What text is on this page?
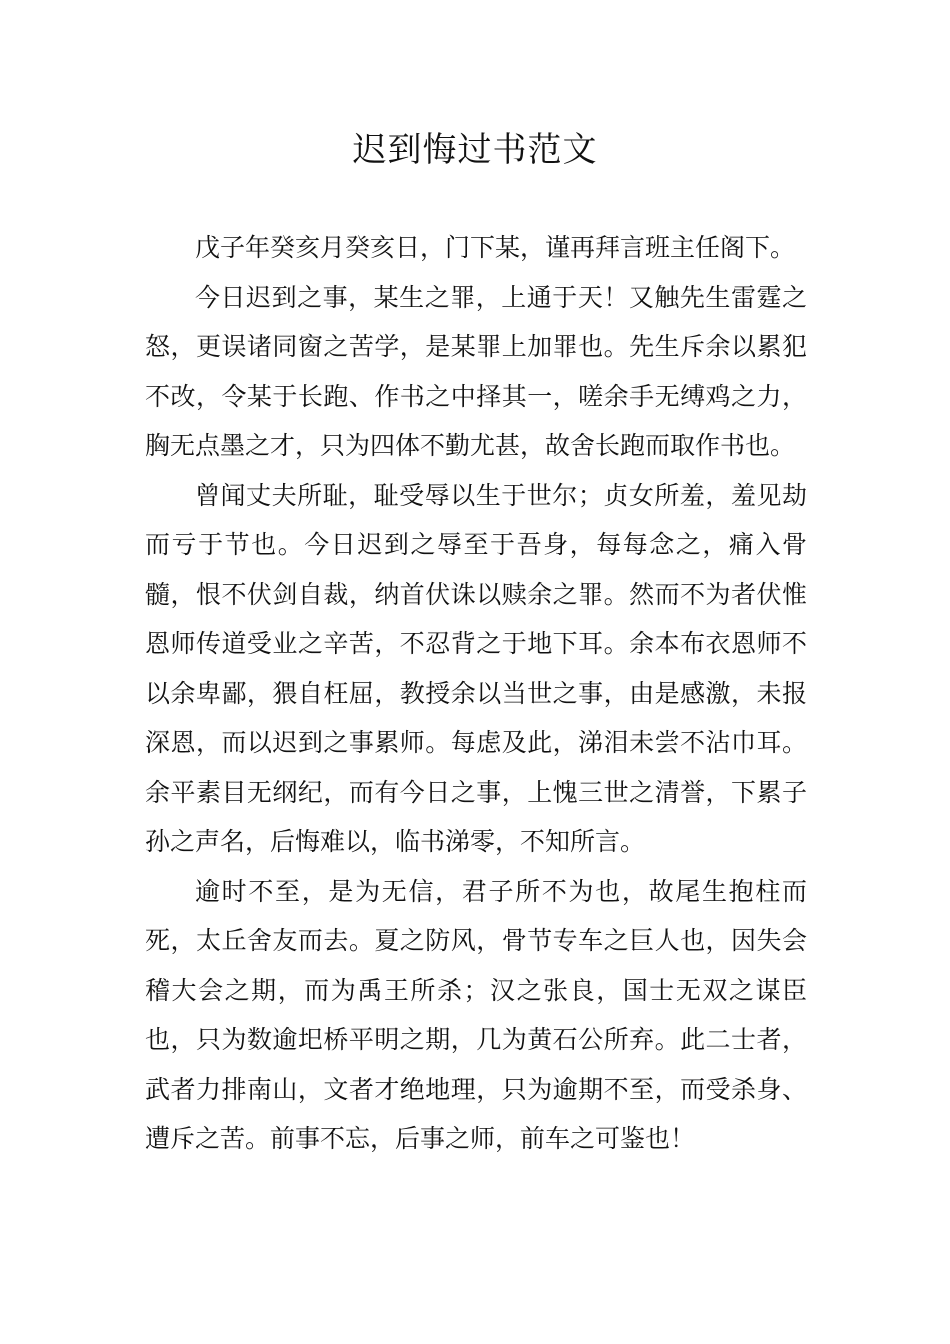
迟到悔过书范文

戊子年癸亥月癸亥日，门下某，谨再拜言班主任阁下。

今日迟到之事，某生之罪，上通于天！又触先生雷霆之怒，更误诸同窗之苦学，是某罪上加罪也。先生斥余以累犯不改，令某于长跑、作书之中择其一，嗟余手无缚鸡之力，胸无点墨之才，只为四体不勤尤甚，故舍长跑而取作书也。

曾闻丈夫所耻，耻受辱以生于世尔；贞女所羞，羞见劫而亏于节也。今日迟到之辱至于吾身，每每念之，痛入骨髓，恨不伏剑自裁，纳首伏诛以赎余之罪。然而不为者伏惟恩师传道受业之辛苦，不忍背之于地下耳。余本布衣恩师不以余卑鄙，猥自枉屈，教授余以当世之事，由是感激，未报深恩，而以迟到之事累师。每虑及此，涕泪未尝不沾巾耳。余平素目无纲纪，而有今日之事，上愧三世之清誉，下累子孙之声名，后悔难以，临书涕零，不知所言。

逾时不至，是为无信，君子所不为也，故尾生抱柱而死，太丘舍友而去。夏之防风，骨节专车之巨人也，因失会稽大会之期，而为禹王所杀；汉之张良，国士无双之谋臣也，只为数逾圯桥平明之期，几为黄石公所弃。此二士者，武者力排南山，文者才绝地理，只为逾期不至，而受杀身、遭斥之苦。前事不忘，后事之师，前车之可鉴也！
